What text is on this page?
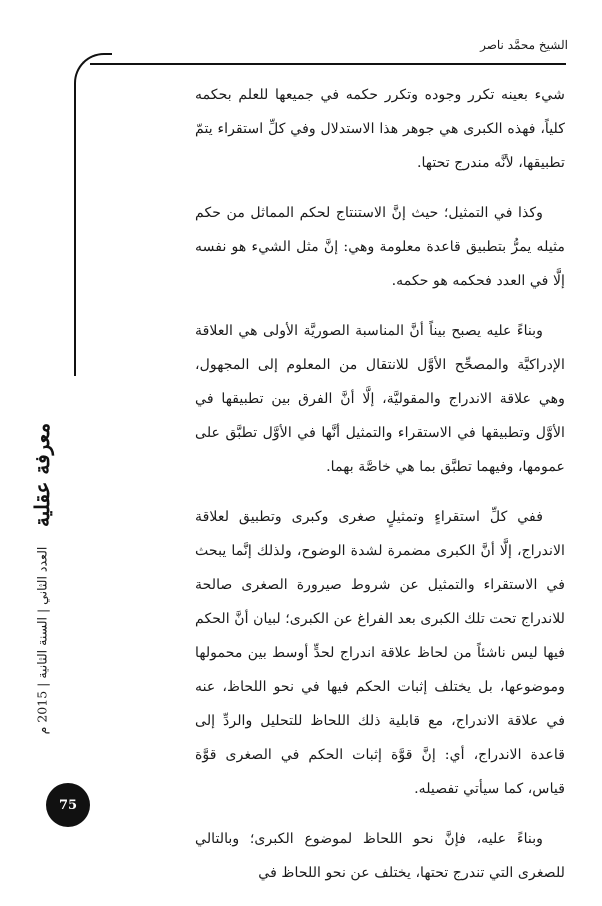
الشيخ محمَّد ناصر
معرفة عقلية
العدد الثاني | السنة الثانية | 2015 م
75

شيء بعينه تكرر وجوده وتكرر حكمه في جميعها للعلم بحكمه كلياً، فهذه الكبرى هي جوهر هذا الاستدلال وفي كلِّ استقراء يتمّ تطبيقها، لأنَّه مندرج تحتها.

وكذا في التمثيل؛ حيث إنَّ الاستنتاج لحكم المماثل من حكم مثيله يمرُّ بتطبيق قاعدة معلومة وهي: إنَّ مثل الشيء هو نفسه إلَّا في العدد فحكمه هو حكمه.

وبناءً عليه يصبح بيناً أنَّ المناسبة الصوريَّة الأولى هي العلاقة الإدراكيَّة والمصحِّح الأوَّل للانتقال من المعلوم إلى المجهول، وهي علاقة الاندراج والمقوليَّة، إلَّا أنَّ الفرق بين تطبيقها في الأوَّل وتطبيقها في الاستقراء والتمثيل أنَّها في الأوَّل تطبَّق على عمومها، وفيهما تطبَّق بما هي خاصَّة بهما.

ففي كلِّ استقراءٍ وتمثيلٍ صغرى وكبرى وتطبيق لعلاقة الاندراج، إلَّا أنَّ الكبرى مضمرة لشدة الوضوح، ولذلك إنَّما يبحث في الاستقراء والتمثيل عن شروط صيرورة الصغرى صالحة للاندراج تحت تلك الكبرى بعد الفراغ عن الكبرى؛ لبيان أنَّ الحكم فيها ليس ناشئاً من لحاظ علاقة اندراج لحدٍّ أوسط بين محمولها وموضوعها، بل يختلف إثبات الحكم فيها في نحو اللحاظ، عنه في علاقة الاندراج، مع قابلية ذلك اللحاظ للتحليل والردِّ إلى قاعدة الاندراج، أي: إنَّ قوَّة إثبات الحكم في الصغرى قوَّة قياس، كما سيأتي تفصيله.

وبناءً عليه، فإنَّ نحو اللحاظ لموضوع الكبرى؛ وبالتالي للصغرى التي تندرج تحتها، يختلف عن نحو اللحاظ في
